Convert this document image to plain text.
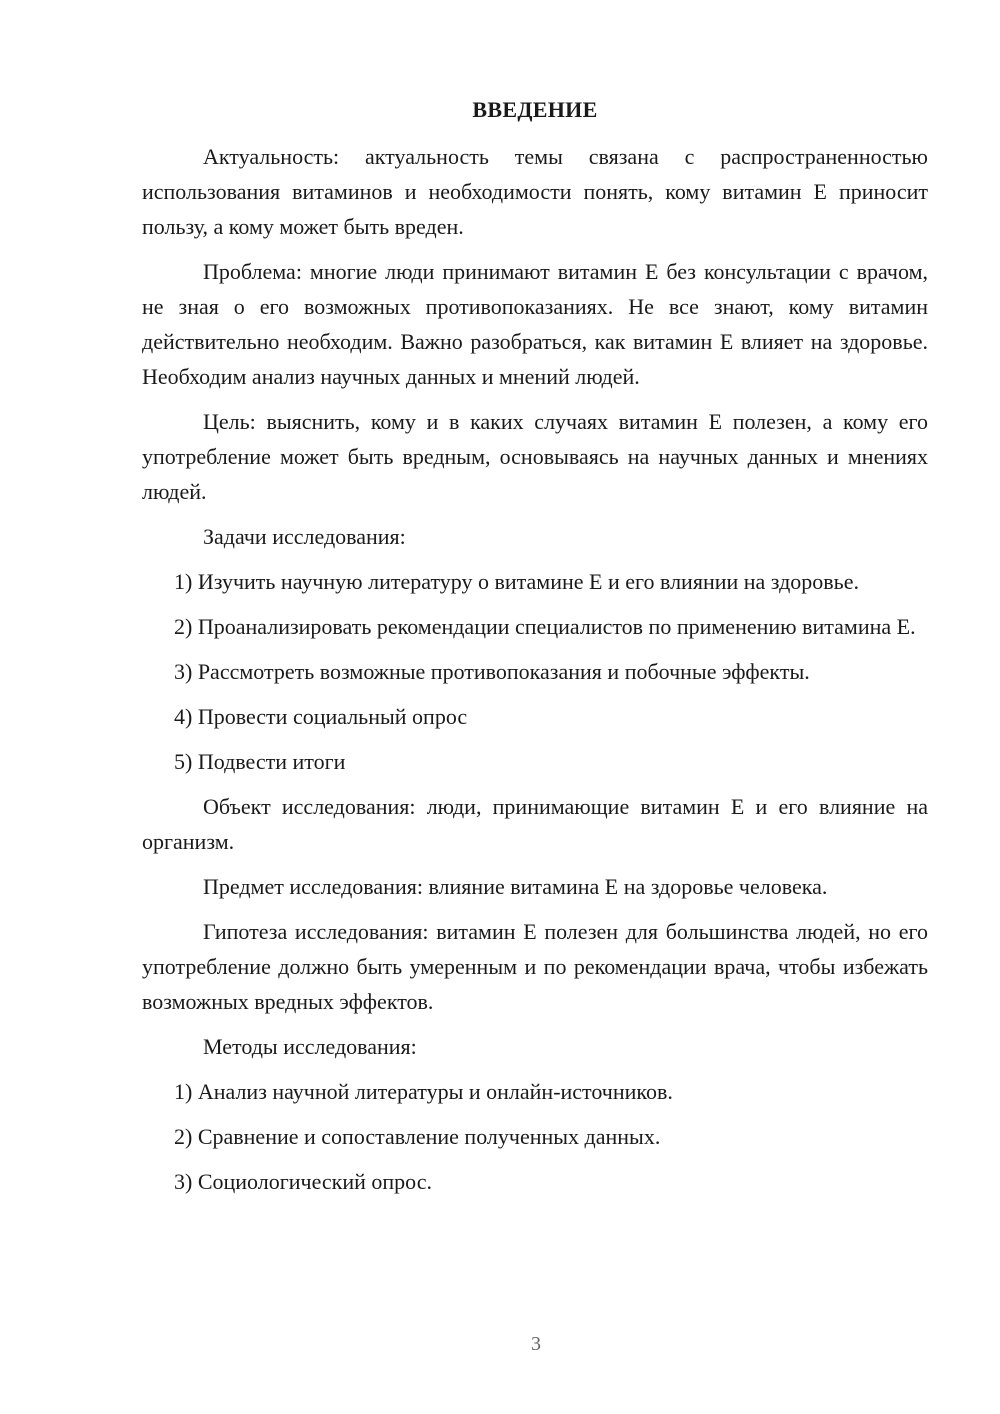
ВВЕДЕНИЕ

Актуальность: актуальность темы связана с распространенностью использования витаминов и необходимости понять, кому витамин Е приносит пользу, а кому может быть вреден.

Проблема: многие люди принимают витамин Е без консультации с врачом, не зная о его возможных противопоказаниях. Не все знают, кому витамин действительно необходим. Важно разобраться, как витамин Е влияет на здоровье. Необходим анализ научных данных и мнений людей.

Цель: выяснить, кому и в каких случаях витамин Е полезен, а кому его употребление может быть вредным, основываясь на научных данных и мнениях людей.

Задачи исследования:

1) Изучить научную литературу о витамине Е и его влиянии на здоровье.

2) Проанализировать рекомендации специалистов по применению витамина Е.

3) Рассмотреть возможные противопоказания и побочные эффекты.

4) Провести социальный опрос

5) Подвести итоги

Объект исследования: люди, принимающие витамин Е и его влияние на организм.

Предмет исследования: влияние витамина Е на здоровье человека.

Гипотеза исследования: витамин Е полезен для большинства людей, но его употребление должно быть умеренным и по рекомендации врача, чтобы избежать возможных вредных эффектов.

Методы исследования:

1) Анализ научной литературы и онлайн-источников.

2) Сравнение и сопоставление полученных данных.

3) Социологический опрос.

3
